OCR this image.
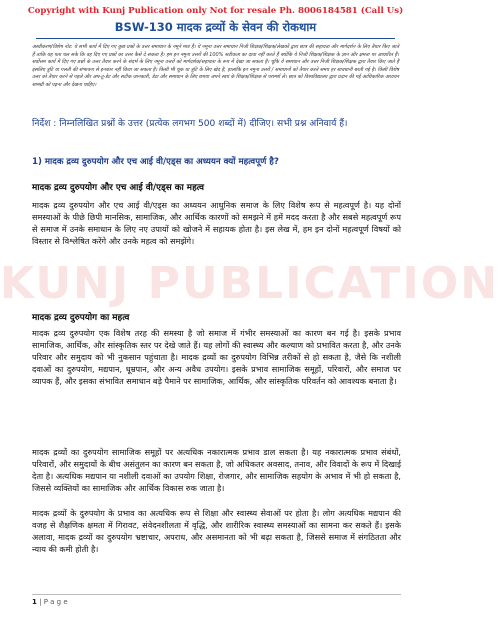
Copyright with Kunj Publication only Not for resale Ph. 8006184581 (Call Us)
BSW-130 मादक द्रव्यों के सेवन की रोकथाम
अस्वीकरण/विशेष नोट: ये सभी कार्य में दिए गए कुछ प्रश्नों के उत्तर समाधान के नमूने मात्र हैं। ये नमूना उत्तर समाधान निजी शिक्षक/शिक्षक/लेखकों द्वारा छात्र की सहायता और मार्गदर्शन के लिए तैयार किए जाते हैं ताकि यह पता चल सके कि वह दिए गए प्रश्नों का उत्तर कैसे दे सकता है। हम इन नमूना उत्तरों की 100% सटीकता का दावा नहीं करते हैं क्योंकि ये निजी शिक्षक/शिक्षक के ज्ञान और क्षमता पर आधारित हैं। सर्वोत्तम कार्य में दिए गए प्रश्नों के उत्तर तैयार करने के संदर्भ के लिए नमूना उत्तरों को मार्गदर्शक/सहायता के रूप में देखा जा सकता है। चूंकि ये समाधान और उत्तर निजी शिक्षक/शिक्षक द्वारा तैयार किए जाते हैं इसलिए त्रुटि या गलती की संभावना से इनकार नहीं किया जा सकता है। किसी भी चूक या त्रुटि के लिए खेद है, हालांकि इन नमूना उत्तरों / समाधानों को तैयार करते समय हर सावधानी बरती गई है। किसी विशेष उत्तर को तैयार करने से पहले और अप-टू-डेट और सटीक जानकारी, डेटा और समाधान के लिए छपया अपने स्वयं के शिक्षक/शिक्षक से परामर्श लें। छात्र को विश्वविद्यालय द्वारा प्रदान की गई आधिकारिक अध्ययन सामग्री को पढ़ना और देखना चाहिए।
निर्देश : निम्नलिखित प्रश्नों के उत्तर (प्रत्येक लगभग 500 शब्दों में) दीजिए। सभी प्रश्न अनिवार्य हैं।
1) मादक द्रव्य दुरुपयोग और एच आई वी/एड्स का अध्ययन क्यों महत्वपूर्ण है?
मादक द्रव्य दुरुपयोग और एच आई वी/एड्स का महत्व
मादक द्रव्य दुरुपयोग और एच आई वी/एड्स का अध्ययन आधुनिक समाज के लिए विशेष रूप से महत्वपूर्ण है। यह दोनों समस्याओं के पीछे छिपी मानसिक, सामाजिक, और आर्थिक कारणों को समझने में हमें मदद करता है और सबसे महत्वपूर्ण रूप से समाज में उनके समाधान के लिए नए उपायों को खोजने में सहायक होता है। इस लेख में, हम इन दोनों महत्वपूर्ण विषयों को विस्तार से विश्लेषित करेंगे और उनके महत्व को समझेंगे।
KUNJ PUBLICATION
मादक द्रव्य दुरुपयोग का महत्व
मादक द्रव्य दुरुपयोग एक विशेष तरह की समस्या है जो समाज में गंभीर समस्याओं का कारण बन गई है। इसके प्रभाव सामाजिक, आर्थिक, और सांस्कृतिक स्तर पर देखे जाते हैं। यह लोगों की स्वास्थ्य और कल्याण को प्रभावित करता है, और उनके परिवार और समुदाय को भी नुकसान पहुंचाता है। मादक द्रव्यों का दुरुपयोग विभिन्न तरीकों से हो सकता है, जैसे कि नशीली दवाओं का दुरुपयोग, मद्यपान, धूम्रपान, और अन्य अवैध उपयोग। इसके प्रभाव सामाजिक समूहों, परिवारों, और समाज पर व्यापक हैं, और इसका संभावित समाधान बड़े पैमाने पर सामाजिक, आर्थिक, और सांस्कृतिक परिवर्तन को आवश्यक बनाता है।
मादक द्रव्यों का दुरुपयोग सामाजिक समूहों पर अत्यधिक नकारात्मक प्रभाव डाल सकता है। यह नकारात्मक प्रभाव संबंधों, परिवारों, और समुदायों के बीच असंतुलन का कारण बन सकता है, जो अधिकतर अवसाद, तनाव, और विवादों के रूप में दिखाई देता है। अत्यधिक मद्यपान या नशीली दवाओं का उपयोग शिक्षा, रोजगार, और सामाजिक सहयोग के अभाव में भी हो सकता है, जिससे व्यक्तियों का सामाजिक और आर्थिक विकास रुक जाता है।
मादक द्रव्यों के दुरुपयोग के प्रभाव का अत्यधिक रूप से शिक्षा और स्वास्थ्य सेवाओं पर होता है। लोग अत्यधिक मद्यपान की वजह से शैक्षणिक क्षमता में गिरावट, संवेदनशीलता में वृद्धि, और शारीरिक स्वास्थ्य समस्याओं का सामना कर सकते हैं। इसके अलावा, मादक द्रव्यों का दुरुपयोग भ्रष्टाचार, अपराध, और असमानता को भी बढ़ा सकता है, जिससे समाज में संगठितता और न्याय की कमी होती है।
1 | P a g e
